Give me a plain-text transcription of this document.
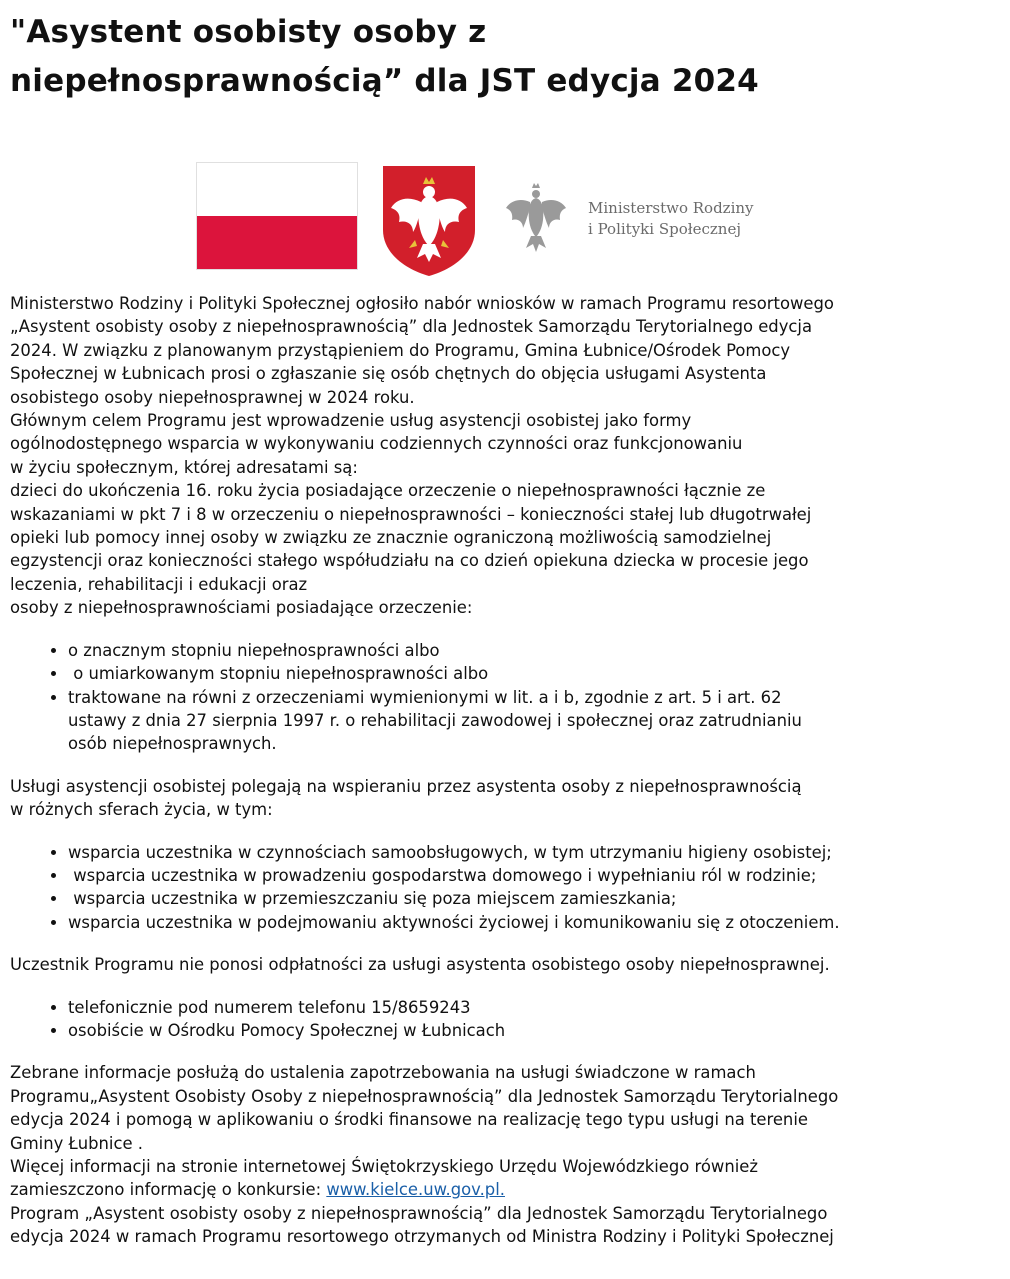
"Asystent osobisty osoby z
niepełnosprawnością” dla JST edycja 2024
Ministerstwo Rodziny
i Polityki Społecznej

Ministerstwo Rodziny i Polityki Społecznej ogłosiło nabór wniosków w ramach Programu resortowego
„Asystent osobisty osoby z niepełnosprawnością” dla Jednostek Samorządu Terytorialnego edycja
2024. W związku z planowanym przystąpieniem do Programu, Gmina Łubnice/Ośrodek Pomocy
Społecznej w Łubnicach prosi o zgłaszanie się osób chętnych do objęcia usługami Asystenta
osobistego osoby niepełnosprawnej w 2024 roku.
Głównym celem Programu jest wprowadzenie usług asystencji osobistej jako formy
ogólnodostępnego wsparcia w wykonywaniu codziennych czynności oraz funkcjonowaniu
w życiu społecznym, której adresatami są:
dzieci do ukończenia 16. roku życia posiadające orzeczenie o niepełnosprawności łącznie ze
wskazaniami w pkt 7 i 8 w orzeczeniu o niepełnosprawności – konieczności stałej lub długotrwałej
opieki lub pomocy innej osoby w związku ze znacznie ograniczoną możliwością samodzielnej
egzystencji oraz konieczności stałego współudziału na co dzień opiekuna dziecka w procesie jego
leczenia, rehabilitacji i edukacji oraz
osoby z niepełnosprawnościami posiadające orzeczenie:

• o znacznym stopniu niepełnosprawności albo
•  o umiarkowanym stopniu niepełnosprawności albo
• traktowane na równi z orzeczeniami wymienionymi w lit. a i b, zgodnie z art. 5 i art. 62
ustawy z dnia 27 sierpnia 1997 r. o rehabilitacji zawodowej i społecznej oraz zatrudnianiu
osób niepełnosprawnych.

Usługi asystencji osobistej polegają na wspieraniu przez asystenta osoby z niepełnosprawnością
w różnych sferach życia, w tym:

• wsparcia uczestnika w czynnościach samoobsługowych, w tym utrzymaniu higieny osobistej;
•  wsparcia uczestnika w prowadzeniu gospodarstwa domowego i wypełnianiu ról w rodzinie;
•  wsparcia uczestnika w przemieszczaniu się poza miejscem zamieszkania;
• wsparcia uczestnika w podejmowaniu aktywności życiowej i komunikowaniu się z otoczeniem.

Uczestnik Programu nie ponosi odpłatności za usługi asystenta osobistego osoby niepełnosprawnej.

• telefonicznie pod numerem telefonu 15/8659243
• osobiście w Ośrodku Pomocy Społecznej w Łubnicach

Zebrane informacje posłużą do ustalenia zapotrzebowania na usługi świadczone w ramach
Programu„Asystent Osobisty Osoby z niepełnosprawnością” dla Jednostek Samorządu Terytorialnego
edycja 2024 i pomogą w aplikowaniu o środki finansowe na realizację tego typu usługi na terenie
Gminy Łubnice .
Więcej informacji na stronie internetowej Świętokrzyskiego Urzędu Wojewódzkiego również
zamieszczono informację o konkursie: www.kielce.uw.gov.pl.
Program „Asystent osobisty osoby z niepełnosprawnością” dla Jednostek Samorządu Terytorialnego
edycja 2024 w ramach Programu resortowego otrzymanych od Ministra Rodziny i Polityki Społecznej
